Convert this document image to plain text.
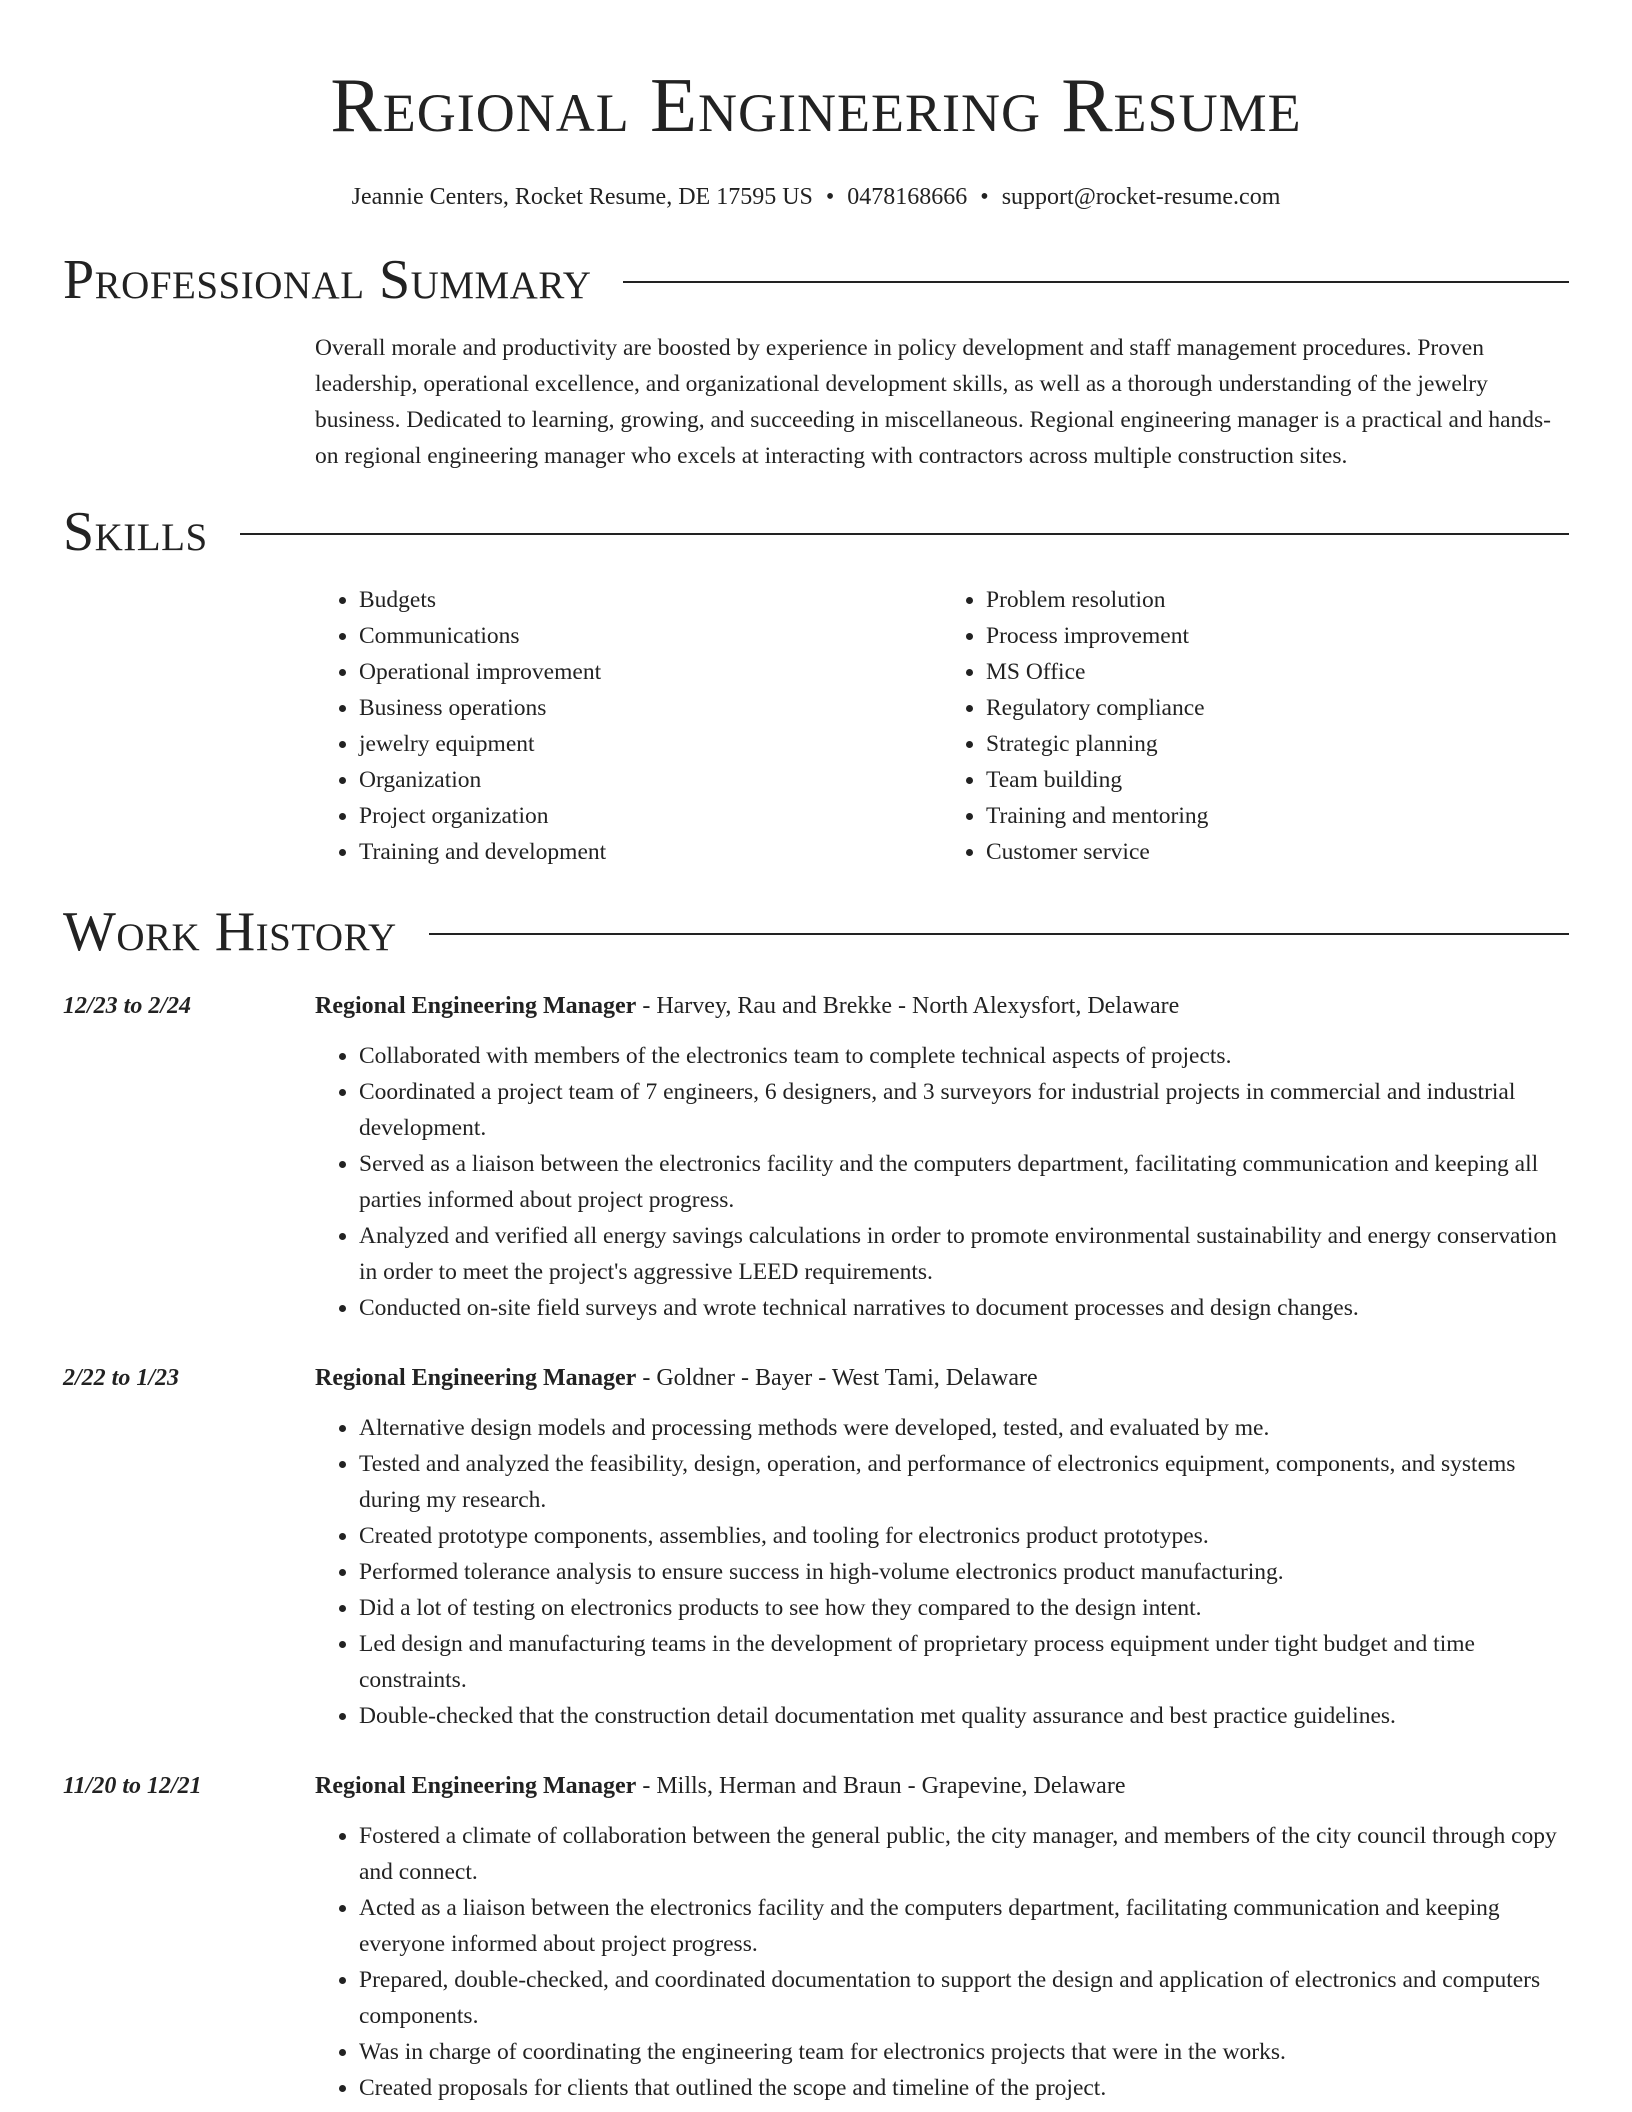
Regional Engineering Resume
Jeannie Centers, Rocket Resume, DE 17595 US • 0478168666 • support@rocket-resume.com
Professional Summary

Overall morale and productivity are boosted by experience in policy development and staff management procedures. Proven leadership, operational excellence, and organizational development skills, as well as a thorough understanding of the jewelry business. Dedicated to learning, growing, and succeeding in miscellaneous. Regional engineering manager is a practical and hands-on regional engineering manager who excels at interacting with contractors across multiple construction sites.

Skills
• Budgets
• Communications
• Operational improvement
• Business operations
• jewelry equipment
• Organization
• Project organization
• Training and development
• Problem resolution
• Process improvement
• MS Office
• Regulatory compliance
• Strategic planning
• Team building
• Training and mentoring
• Customer service
Work History
12/23 to 2/24	Regional Engineering Manager - Harvey, Rau and Brekke - North Alexysfort, Delaware
• Collaborated with members of the electronics team to complete technical aspects of projects.
• Coordinated a project team of 7 engineers, 6 designers, and 3 surveyors for industrial projects in commercial and industrial development.
• Served as a liaison between the electronics facility and the computers department, facilitating communication and keeping all parties informed about project progress.
• Analyzed and verified all energy savings calculations in order to promote environmental sustainability and energy conservation in order to meet the project's aggressive LEED requirements.
• Conducted on-site field surveys and wrote technical narratives to document processes and design changes.
2/22 to 1/23	Regional Engineering Manager - Goldner - Bayer - West Tami, Delaware
• Alternative design models and processing methods were developed, tested, and evaluated by me.
• Tested and analyzed the feasibility, design, operation, and performance of electronics equipment, components, and systems during my research.
• Created prototype components, assemblies, and tooling for electronics product prototypes.
• Performed tolerance analysis to ensure success in high-volume electronics product manufacturing.
• Did a lot of testing on electronics products to see how they compared to the design intent.
• Led design and manufacturing teams in the development of proprietary process equipment under tight budget and time constraints.
• Double-checked that the construction detail documentation met quality assurance and best practice guidelines.
11/20 to 12/21	Regional Engineering Manager - Mills, Herman and Braun - Grapevine, Delaware
• Fostered a climate of collaboration between the general public, the city manager, and members of the city council through copy and connect.
• Acted as a liaison between the electronics facility and the computers department, facilitating communication and keeping everyone informed about project progress.
• Prepared, double-checked, and coordinated documentation to support the design and application of electronics and computers components.
• Was in charge of coordinating the engineering team for electronics projects that were in the works.
• Created proposals for clients that outlined the scope and timeline of the project.
